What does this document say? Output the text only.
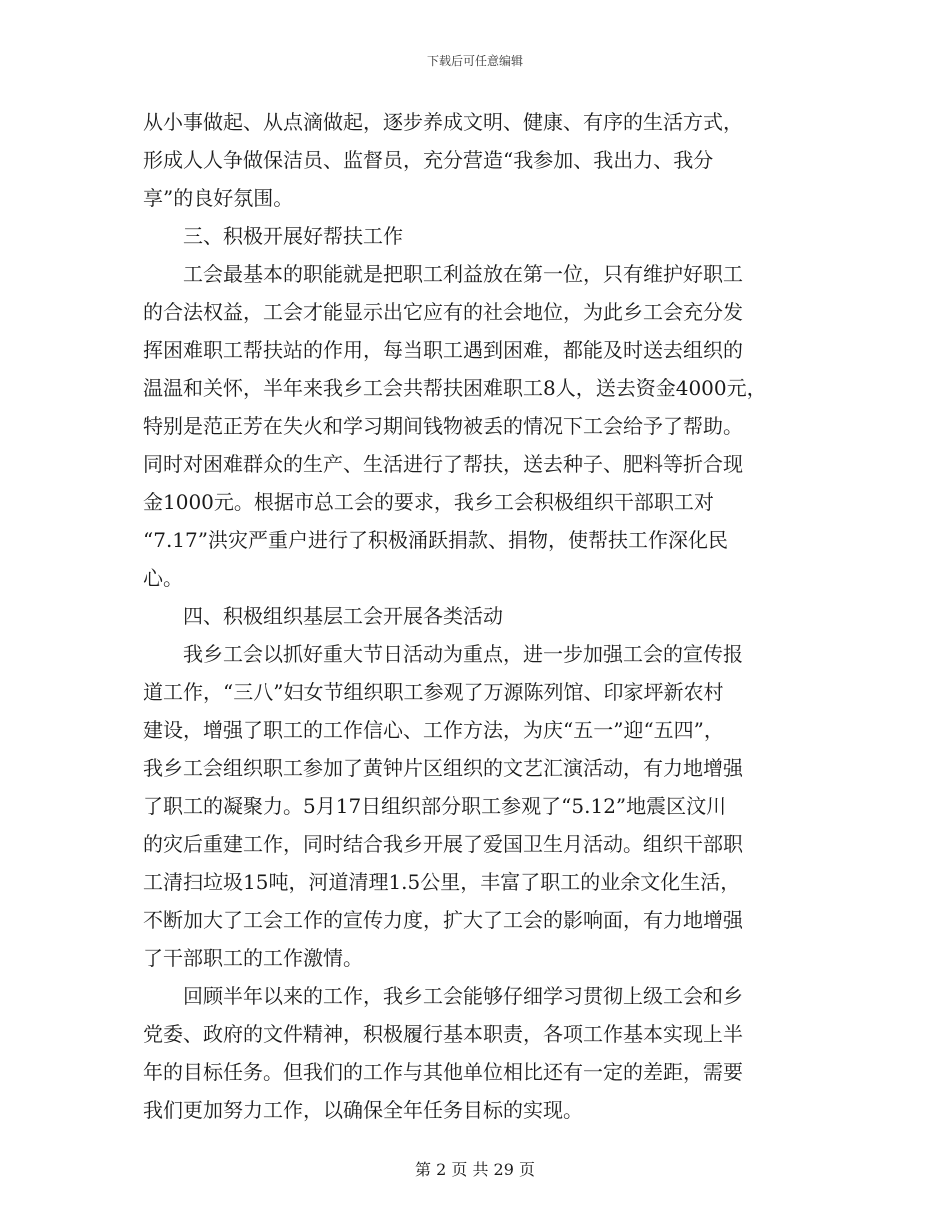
下载后可任意编辑
从小事做起、从点滴做起，逐步养成文明、健康、有序的生活方式，
形成人人争做保洁员、监督员，充分营造“我参加、我出力、我分
享”的良好氛围。
三、积极开展好帮扶工作
工会最基本的职能就是把职工利益放在第一位，只有维护好职工
的合法权益，工会才能显示出它应有的社会地位，为此乡工会充分发
挥困难职工帮扶站的作用，每当职工遇到困难，都能及时送去组织的
温温和关怀，半年来我乡工会共帮扶困难职工8人，送去资金4000元，
特别是范正芳在失火和学习期间钱物被丢的情况下工会给予了帮助。
同时对困难群众的生产、生活进行了帮扶，送去种子、肥料等折合现
金1000元。根据市总工会的要求，我乡工会积极组织干部职工对
“7.17”洪灾严重户进行了积极涌跃捐款、捐物，使帮扶工作深化民
心。
四、积极组织基层工会开展各类活动
我乡工会以抓好重大节日活动为重点，进一步加强工会的宣传报
道工作，“三八”妇女节组织职工参观了万源陈列馆、印家坪新农村
建设，增强了职工的工作信心、工作方法，为庆“五一”迎“五四”，
我乡工会组织职工参加了黄钟片区组织的文艺汇演活动，有力地增强
了职工的凝聚力。5月17日组织部分职工参观了“5.12”地震区汶川
的灾后重建工作，同时结合我乡开展了爱国卫生月活动。组织干部职
工清扫垃圾15吨，河道清理1.5公里，丰富了职工的业余文化生活，
不断加大了工会工作的宣传力度，扩大了工会的影响面，有力地增强
了干部职工的工作激情。
回顾半年以来的工作，我乡工会能够仔细学习贯彻上级工会和乡
党委、政府的文件精神，积极履行基本职责，各项工作基本实现上半
年的目标任务。但我们的工作与其他单位相比还有一定的差距，需要
我们更加努力工作，以确保全年任务目标的实现。
第 2 页 共 29 页
